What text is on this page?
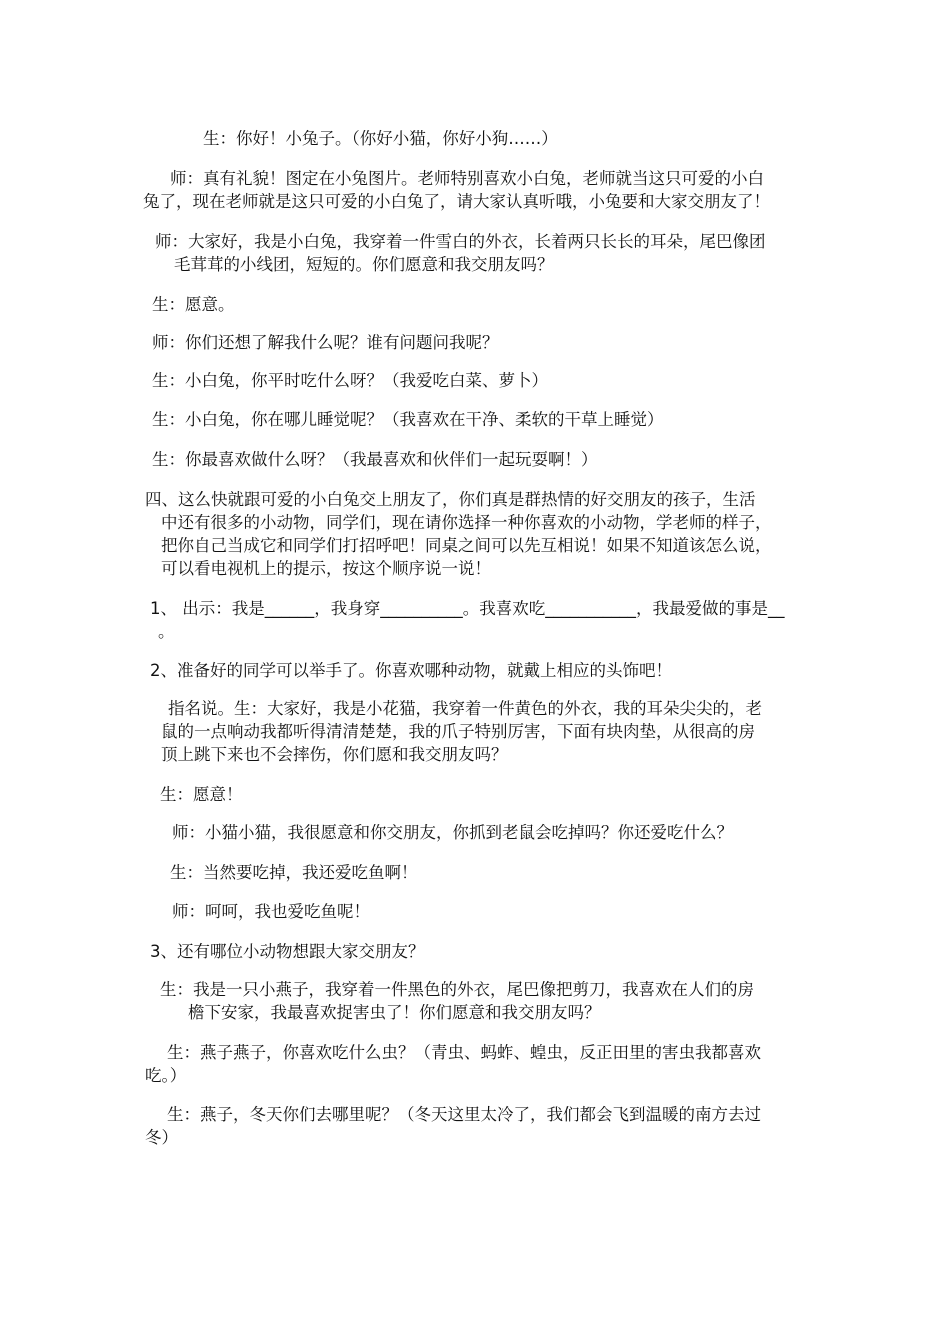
生：你好！小兔子。（你好小猫，你好小狗……）
师：真有礼貌！图定在小兔图片。老师特别喜欢小白兔，老师就当这只可爱的小白
兔了，现在老师就是这只可爱的小白兔了，请大家认真听哦，小兔要和大家交朋友了！
师：大家好，我是小白兔，我穿着一件雪白的外衣，长着两只长长的耳朵，尾巴像团
毛茸茸的小线团，短短的。你们愿意和我交朋友吗？
生：愿意。
师：你们还想了解我什么呢？谁有问题问我呢？
生：小白兔，你平时吃什么呀？（我爱吃白菜、萝卜）
生：小白兔，你在哪儿睡觉呢？（我喜欢在干净、柔软的干草上睡觉）
生：你最喜欢做什么呀？（我最喜欢和伙伴们一起玩耍啊！）
四、这么快就跟可爱的小白兔交上朋友了，你们真是群热情的好交朋友的孩子，生活
中还有很多的小动物，同学们，现在请你选择一种你喜欢的小动物，学老师的样子，
把你自己当成它和同学们打招呼吧！同桌之间可以先互相说！如果不知道该怎么说，
可以看电视机上的提示，按这个顺序说一说！
1、 出示：我是______，我身穿__________。我喜欢吃___________，我最爱做的事是__
。
2、准备好的同学可以举手了。你喜欢哪种动物，就戴上相应的头饰吧！
指名说。生：大家好，我是小花猫，我穿着一件黄色的外衣，我的耳朵尖尖的，老
鼠的一点响动我都听得清清楚楚，我的爪子特别厉害，下面有块肉垫，从很高的房
顶上跳下来也不会摔伤，你们愿和我交朋友吗？
生：愿意！
师：小猫小猫，我很愿意和你交朋友，你抓到老鼠会吃掉吗？你还爱吃什么？
生：当然要吃掉，我还爱吃鱼啊！
师：呵呵，我也爱吃鱼呢！
3、还有哪位小动物想跟大家交朋友？
生：我是一只小燕子，我穿着一件黑色的外衣，尾巴像把剪刀，我喜欢在人们的房
檐下安家，我最喜欢捉害虫了！你们愿意和我交朋友吗？
生：燕子燕子，你喜欢吃什么虫？（青虫、蚂蚱、蝗虫，反正田里的害虫我都喜欢
吃。）
生：燕子，冬天你们去哪里呢？（冬天这里太冷了，我们都会飞到温暖的南方去过
冬）
